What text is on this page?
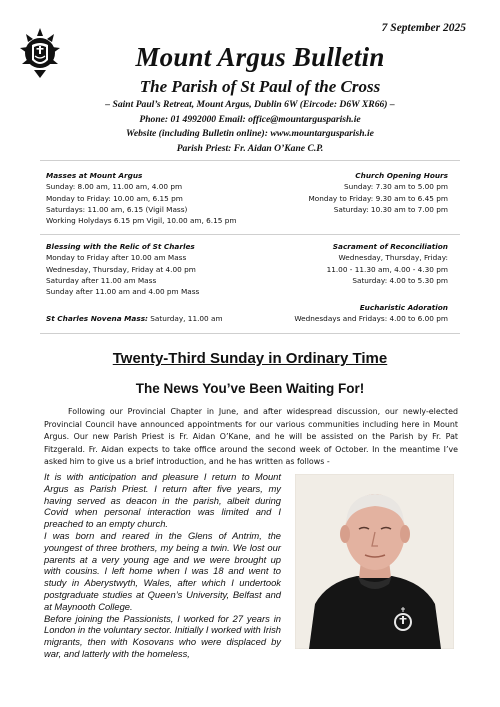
7 September 2025
Mount Argus Bulletin
The Parish of St Paul of the Cross
– Saint Paul’s Retreat, Mount Argus, Dublin 6W (Eircode: D6W XR66) –
Phone: 01 4992000 Email: office@mountargusparish.ie
Website (including Bulletin online): www.mountargusparish.ie
Parish Priest: Fr. Aidan O’Kane C.P.
Masses at Mount Argus
Sunday: 8.00 am, 11.00 am, 4.00 pm
Monday to Friday: 10.00 am, 6.15 pm
Saturdays: 11.00 am, 6.15 (Vigil Mass)
Working Holydays 6.15 pm Vigil, 10.00 am, 6.15 pm
Church Opening Hours
Sunday: 7.30 am to 5.00 pm
Monday to Friday: 9.30 am to 6.45 pm
Saturday: 10.30 am to 7.00 pm
Blessing with the Relic of St Charles
Monday to Friday after 10.00 am Mass
Wednesday, Thursday, Friday at 4.00 pm
Saturday after 11.00 am Mass
Sunday after 11.00 am and 4.00 pm Mass
Sacrament of Reconciliation
Wednesday, Thursday, Friday:
11.00 - 11.30 am, 4.00 - 4.30 pm
Saturday: 4.00 to 5.30 pm
Eucharistic Adoration
Wednesdays and Fridays: 4.00 to 6.00 pm
St Charles Novena Mass: Saturday, 11.00 am
Twenty-Third Sunday in Ordinary Time
The News You’ve Been Waiting For!

Following our Provincial Chapter in June, and after widespread discussion, our newly-elected Provincial Council have announced appointments for our various communities including here in Mount Argus. Our new Parish Priest is Fr. Aidan O’Kane, and he will be assisted on the Parish by Fr. Pat Fitzgerald. Fr. Aidan expects to take office around the second week of October. In the meantime I’ve asked him to give us a brief introduction, and he has written as follows -

It is with anticipation and pleasure I return to Mount Argus as Parish Priest. I return after five years, my having served as deacon in the parish, albeit during Covid when personal interaction was limited and I preached to an empty church.

I was born and reared in the Glens of Antrim, the youngest of three brothers, my being a twin. We lost our parents at a very young age and we were brought up with cousins. I left home when I was 18 and went to study in Aberystwyth, Wales, after which I undertook postgraduate studies at Queen’s University, Belfast and at Maynooth College.

Before joining the Passionists, I worked for 27 years in London in the voluntary sector. Initially I worked with Irish migrants, then with Kosovans who were displaced by war, and latterly with the homeless,
